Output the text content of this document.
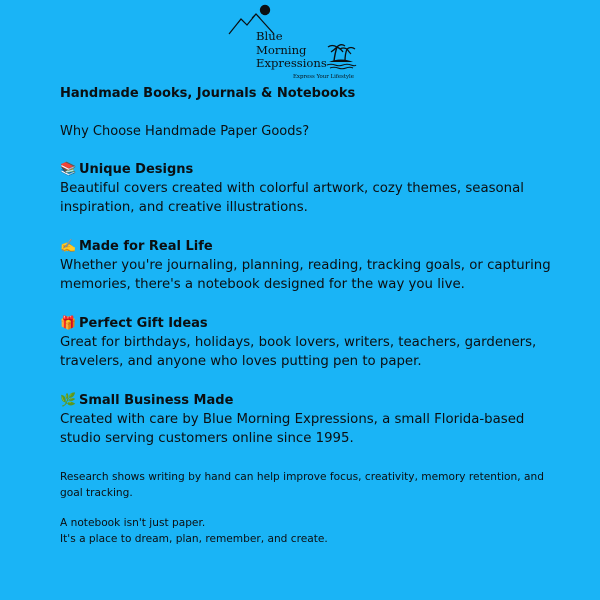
Blue
Morning
Expressions
Express Your Lifestyle
Handmade Books, Journals & Notebooks

Why Choose Handmade Paper Goods?

📚 Unique Designs
Beautiful covers created with colorful artwork, cozy themes, seasonal inspiration, and creative illustrations.
✍️ Made for Real Life
Whether you're journaling, planning, reading, tracking goals, or capturing memories, there's a notebook designed for the way you live.
🎁 Perfect Gift Ideas
Great for birthdays, holidays, book lovers, writers, teachers, gardeners, travelers, and anyone who loves putting pen to paper.
🌿 Small Business Made
Created with care by Blue Morning Expressions, a small Florida-based studio serving customers online since 1995.
Research shows writing by hand can help improve focus, creativity, memory retention, and goal tracking.
A notebook isn't just paper.
It's a place to dream, plan, remember, and create.
